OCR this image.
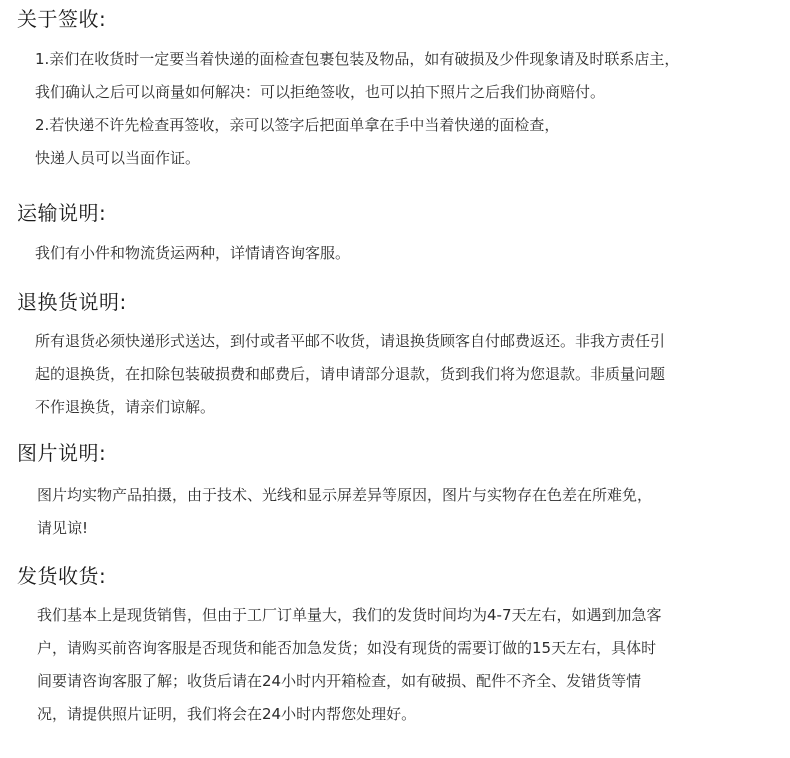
关于签收:

1.亲们在收货时一定要当着快递的面检查包裹包装及物品，如有破损及少件现象请及时联系店主，

我们确认之后可以商量如何解决：可以拒绝签收，也可以拍下照片之后我们协商赔付。

2.若快递不许先检查再签收，亲可以签字后把面单拿在手中当着快递的面检查，

快递人员可以当面作证。

运输说明:

我们有小件和物流货运两种，详情请咨询客服。

退换货说明:

所有退货必须快递形式送达，到付或者平邮不收货，请退换货顾客自付邮费返还。非我方责任引

起的退换货，在扣除包装破损费和邮费后，请申请部分退款，货到我们将为您退款。非质量问题

不作退换货，请亲们谅解。

图片说明:

图片均实物产品拍摄，由于技术、光线和显示屏差异等原因，图片与实物存在色差在所难免，

请见谅!

发货收货:

我们基本上是现货销售，但由于工厂订单量大，我们的发货时间均为4-7天左右，如遇到加急客

户，请购买前咨询客服是否现货和能否加急发货；如没有现货的需要订做的15天左右，具体时

间要请咨询客服了解；收货后请在24小时内开箱检查，如有破损、配件不齐全、发错货等情

况，请提供照片证明，我们将会在24小时内帮您处理好。
